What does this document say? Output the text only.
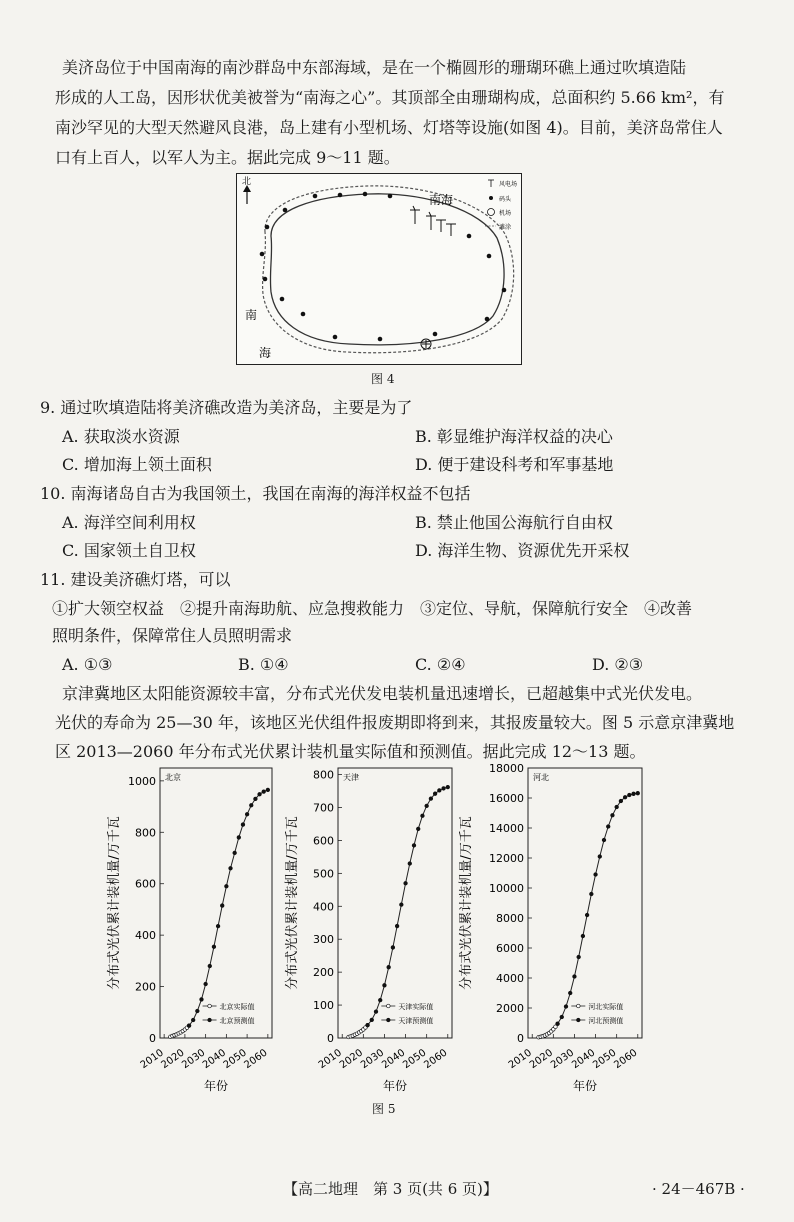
美济岛位于中国南海的南沙群岛中东部海域，是在一个椭圆形的珊瑚环礁上通过吹填造陆
形成的人工岛，因形状优美被誉为“南海之心”。其顶部全由珊瑚构成，总面积约 5.66 km²，有
南沙罕见的大型天然避风良港，岛上建有小型机场、灯塔等设施(如图 4)。目前，美济岛常住人
口有上百人，以军人为主。据此完成 9～11 题。
北
南海
南
海
风电场
码头
机场
滩涂
图 4
9. 通过吹填造陆将美济礁改造为美济岛，主要是为了
A. 获取淡水资源	B. 彰显维护海洋权益的决心
C. 增加海上领土面积	D. 便于建设科考和军事基地
10. 南海诸岛自古为我国领土，我国在南海的海洋权益不包括
A. 海洋空间利用权	B. 禁止他国公海航行自由权
C. 国家领土自卫权	D. 海洋生物、资源优先开采权
11. 建设美济礁灯塔，可以
①扩大领空权益　②提升南海助航、应急搜救能力　③定位、导航，保障航行安全　④改善
照明条件，保障常住人员照明需求
A. ①③	B. ①④	C. ②④	D. ②③
京津冀地区太阳能资源较丰富，分布式光伏发电装机量迅速增长，已超越集中式光伏发电。
光伏的寿命为 25—30 年，该地区光伏组件报废期即将到来，其报废量较大。图 5 示意京津冀地
区 2013—2060 年分布式光伏累计装机量实际值和预测值。据此完成 12～13 题。
北京
0
200
400
600
800
1000
2010
2020
2030
2040
2050
2060
分布式光伏累计装机量/万千瓦
年份
北京实际值
北京预测值
天津
0
100
200
300
400
500
600
700
800
2010
2020
2030
2040
2050
2060
分布式光伏累计装机量/万千瓦
年份
天津实际值
天津预测值
河北
0
2000
4000
6000
8000
10000
12000
14000
16000
18000
2010
2020
2030
2040
2050
2060
分布式光伏累计装机量/万千瓦
年份
河北实际值
河北预测值
图 5
【高二地理　第 3 页(共 6 页)】	· 24－467B ·
